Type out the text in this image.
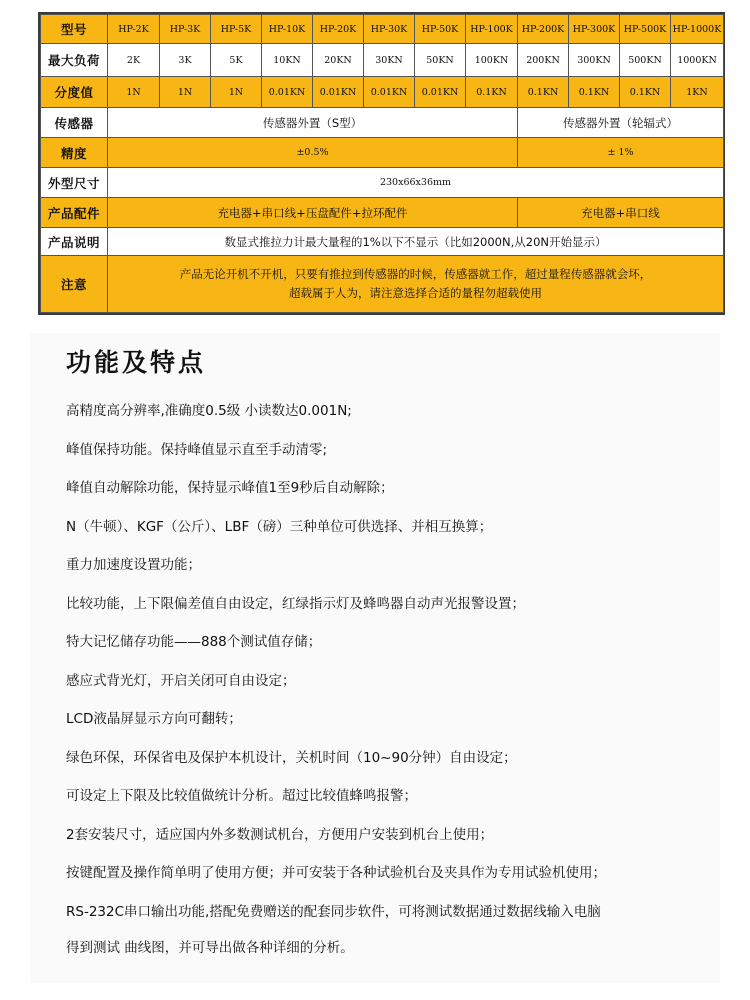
型号	HP-2K	HP-3K	HP-5K	HP-10K	HP-20K	HP-30K	HP-50K	HP-100K	HP-200K	HP-300K	HP-500K	HP-1000K
最大负荷	2K	3K	5K	10KN	20KN	30KN	50KN	100KN	200KN	300KN	500KN	1000KN
分度值	1N	1N	1N	0.01KN	0.01KN	0.01KN	0.01KN	0.1KN	0.1KN	0.1KN	0.1KN	1KN
传感器	传感器外置（S型）								传感器外置（轮辐式）			
精度	±0.5%								± 1%			
外型尺寸	230x66x36mm											
产品配件	充电器+串口线+压盘配件+拉环配件								充电器+串口线			
产品说明	数显式推拉力计最大量程的1%以下不显示（比如2000N,从20N开始显示）											
注意	产品无论开机不开机，只要有推拉到传感器的时候，传感器就工作，超过量程传感器就会坏，超载属于人为，请注意选择合适的量程勿超载使用											
功能及特点

高精度高分辨率,准确度0.5级 小读数达0.001N;

峰值保持功能。保持峰值显示直至手动清零;

峰值自动解除功能，保持显示峰值1至9秒后自动解除；

N（牛顿）、KGF（公斤）、LBF（磅）三种单位可供选择、并相互换算；

重力加速度设置功能；

比较功能，上下限偏差值自由设定，红绿指示灯及蜂鸣器自动声光报警设置；

特大记忆储存功能——888个测试值存储；

感应式背光灯，开启关闭可自由设定；

LCD液晶屏显示方向可翻转；

绿色环保，环保省电及保护本机设计，关机时间（10~90分钟）自由设定；

可设定上下限及比较值做统计分析。超过比较值蜂鸣报警；

2套安装尺寸，适应国内外多数测试机台，方便用户安装到机台上使用；

按键配置及操作简单明了使用方便；并可安装于各种试验机台及夹具作为专用试验机使用；

RS-232C串口输出功能,搭配免费赠送的配套同步软件，可将测试数据通过数据线输入电脑

得到测试 曲线图，并可导出做各种详细的分析。
